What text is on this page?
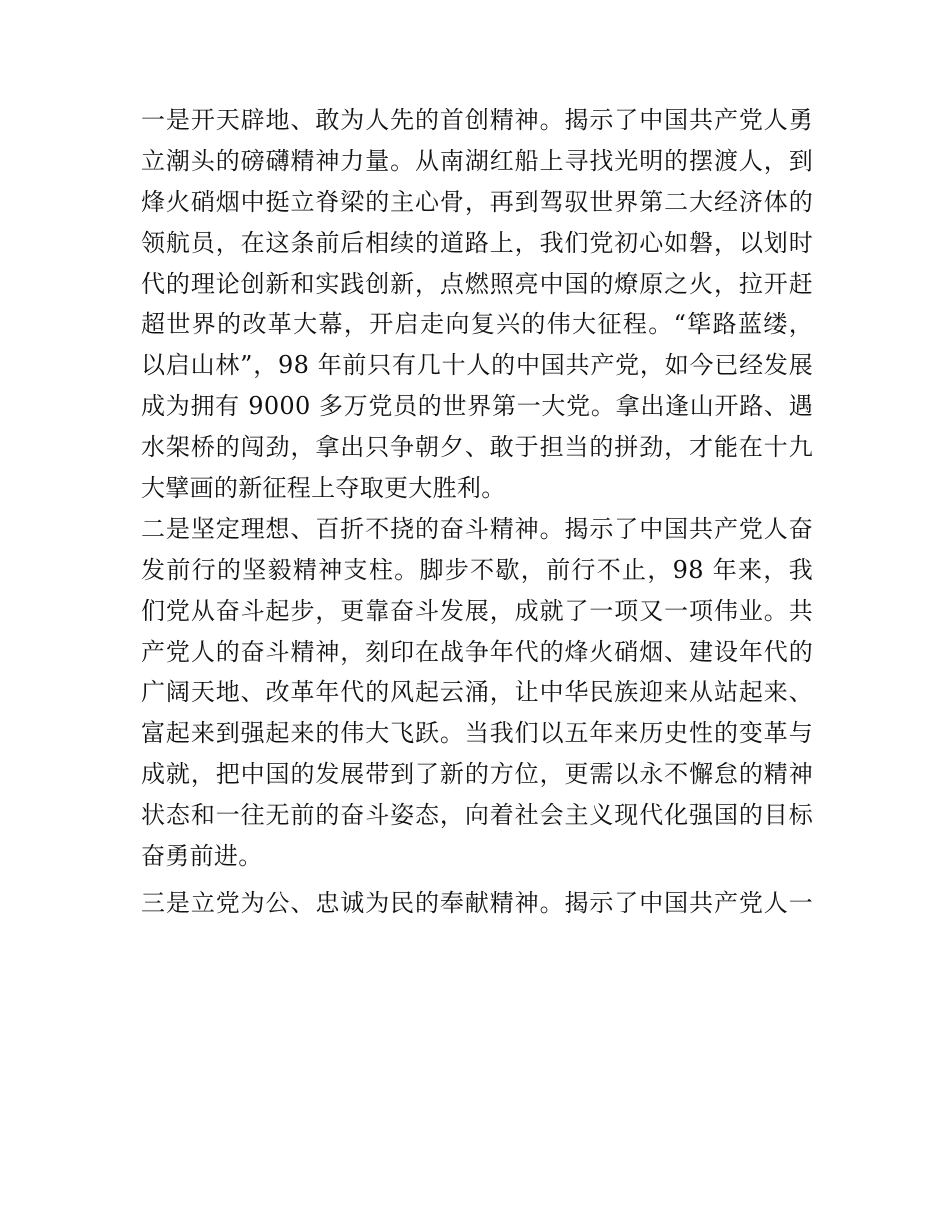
一是开天辟地、敢为人先的首创精神。揭示了中国共产党人勇
立潮头的磅礴精神力量。从南湖红船上寻找光明的摆渡人，到
烽火硝烟中挺立脊梁的主心骨，再到驾驭世界第二大经济体的
领航员，在这条前后相续的道路上，我们党初心如磐，以划时
代的理论创新和实践创新，点燃照亮中国的燎原之火，拉开赶
超世界的改革大幕，开启走向复兴的伟大征程。“筚路蓝缕，
以启山林”，98 年前只有几十人的中国共产党，如今已经发展
成为拥有 9000 多万党员的世界第一大党。拿出逢山开路、遇
水架桥的闯劲，拿出只争朝夕、敢于担当的拼劲，才能在十九
大擘画的新征程上夺取更大胜利。
二是坚定理想、百折不挠的奋斗精神。揭示了中国共产党人奋
发前行的坚毅精神支柱。脚步不歇，前行不止，98 年来，我
们党从奋斗起步，更靠奋斗发展，成就了一项又一项伟业。共
产党人的奋斗精神，刻印在战争年代的烽火硝烟、建设年代的
广阔天地、改革年代的风起云涌，让中华民族迎来从站起来、
富起来到强起来的伟大飞跃。当我们以五年来历史性的变革与
成就，把中国的发展带到了新的方位，更需以永不懈怠的精神
状态和一往无前的奋斗姿态，向着社会主义现代化强国的目标
奋勇前进。
三是立党为公、忠诚为民的奉献精神。揭示了中国共产党人一
